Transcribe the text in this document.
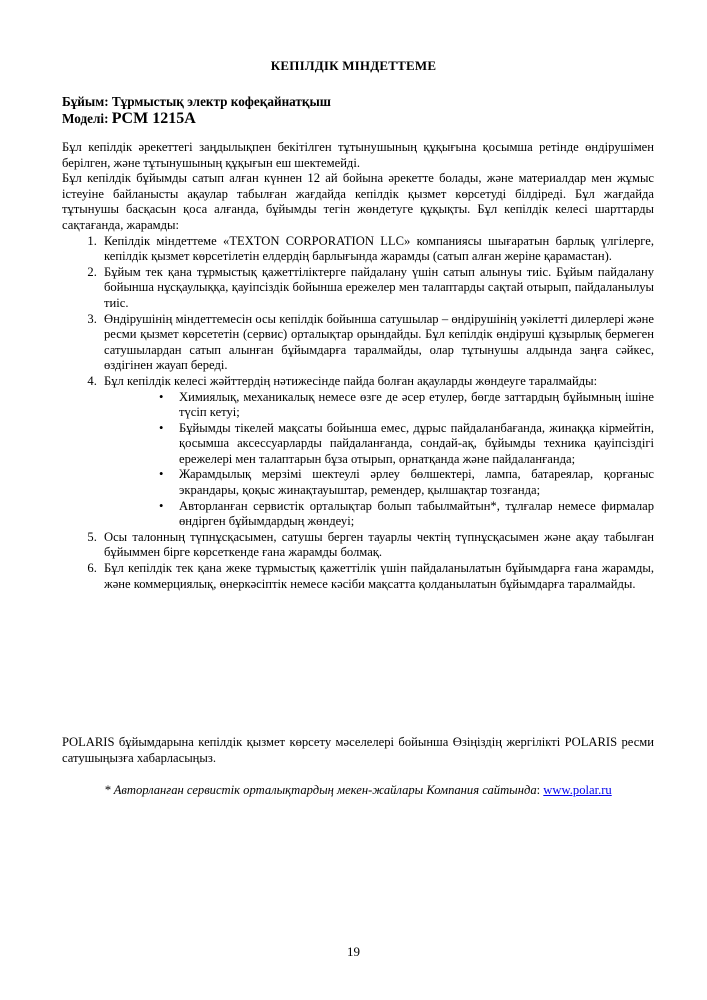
КЕПІЛДІК МІНДЕТТЕМЕ
Бұйым: Тұрмыстық электр кофеқайнатқыш
Моделі: PCM 1215A

Бұл кепілдік әрекеттегі заңдылықпен бекітілген тұтынушының құқығына қосымша ретінде өндірушімен берілген, және тұтынушының құқығын еш шектемейді.

Бұл кепілдік бұйымды сатып алған күннен 12 ай бойына әрекетте болады, және материалдар мен жұмыс істеуіне байланысты ақаулар табылған жағдайда кепілдік қызмет көрсетуді білдіреді. Бұл жағдайда тұтынушы басқасын қоса алғанда, бұйымды тегін жөндетуге құқықты. Бұл кепілдік келесі шарттарды сақтағанда, жарамды:

1. Кепілдік міндеттеме «TEXTON CORPORATION LLC» компаниясы шығаратын барлық үлгілерге, кепілдік қызмет көрсетілетін елдердің барлығында жарамды (сатып алған жеріне қарамастан).
2. Бұйым тек қана тұрмыстық қажеттіліктерге пайдалану үшін сатып алынуы тиіс. Бұйым пайдалану бойынша нұсқаулыққа, қауіпсіздік бойынша ережелер мен талаптарды сақтай отырып, пайдаланылуы тиіс.
3. Өндірушінің міндеттемесін осы кепілдік бойынша сатушылар – өндірушінің уәкілетті дилерлері және ресми қызмет көрсететін (сервис) орталықтар орындайды. Бұл кепілдік өндіруші құзырлық бермеген сатушылардан сатып алынған бұйымдарға таралмайды, олар тұтынушы алдында заңға сәйкес, өздігінен жауап береді.
4. Бұл кепілдік келесі жәйттердің нәтижесінде пайда болған ақауларды жөндеуге таралмайды:
• Химиялық, механикалық немесе өзге де әсер етулер, бөгде заттардың бұйымның ішіне түсіп кетуі;
• Бұйымды тікелей мақсаты бойынша емес, дұрыс пайдаланбағанда, жинаққа кірмейтін, қосымша аксессуарларды пайдаланғанда, сондай-ақ, бұйымды техника қауіпсіздігі ережелері мен талаптарын бұза отырып, орнатқанда және пайдаланғанда;
• Жарамдылық мерзімі шектеулі әрлеу бөлшектері, лампа, батареялар, қорғаныс экрандары, қоқыс жинақтауыштар, ремендер, қылшақтар тозғанда;
• Авторланған сервистік орталықтар болып табылмайтын*, тұлғалар немесе фирмалар өндірген бұйымдардың жөндеуі;
5. Осы талонның түпнұсқасымен, сатушы берген тауарлы чектің түпнұсқасымен және ақау табылған бұйыммен бірге көрсеткенде ғана жарамды болмақ.
6. Бұл кепілдік тек қана жеке тұрмыстық қажеттілік үшін пайдаланылатын бұйымдарға ғана жарамды, және коммерциялық, өнеркәсіптік немесе кәсіби мақсатта қолданылатын бұйымдарға таралмайды.
POLARIS бұйымдарына кепілдік қызмет көрсету мәселелері бойынша Өзіңіздің жергілікті POLARIS ресми сатушыңызға хабарласыңыз.
* Авторланған сервистік орталықтардың мекен-жайлары Компания сайтында: www.polar.ru
19
